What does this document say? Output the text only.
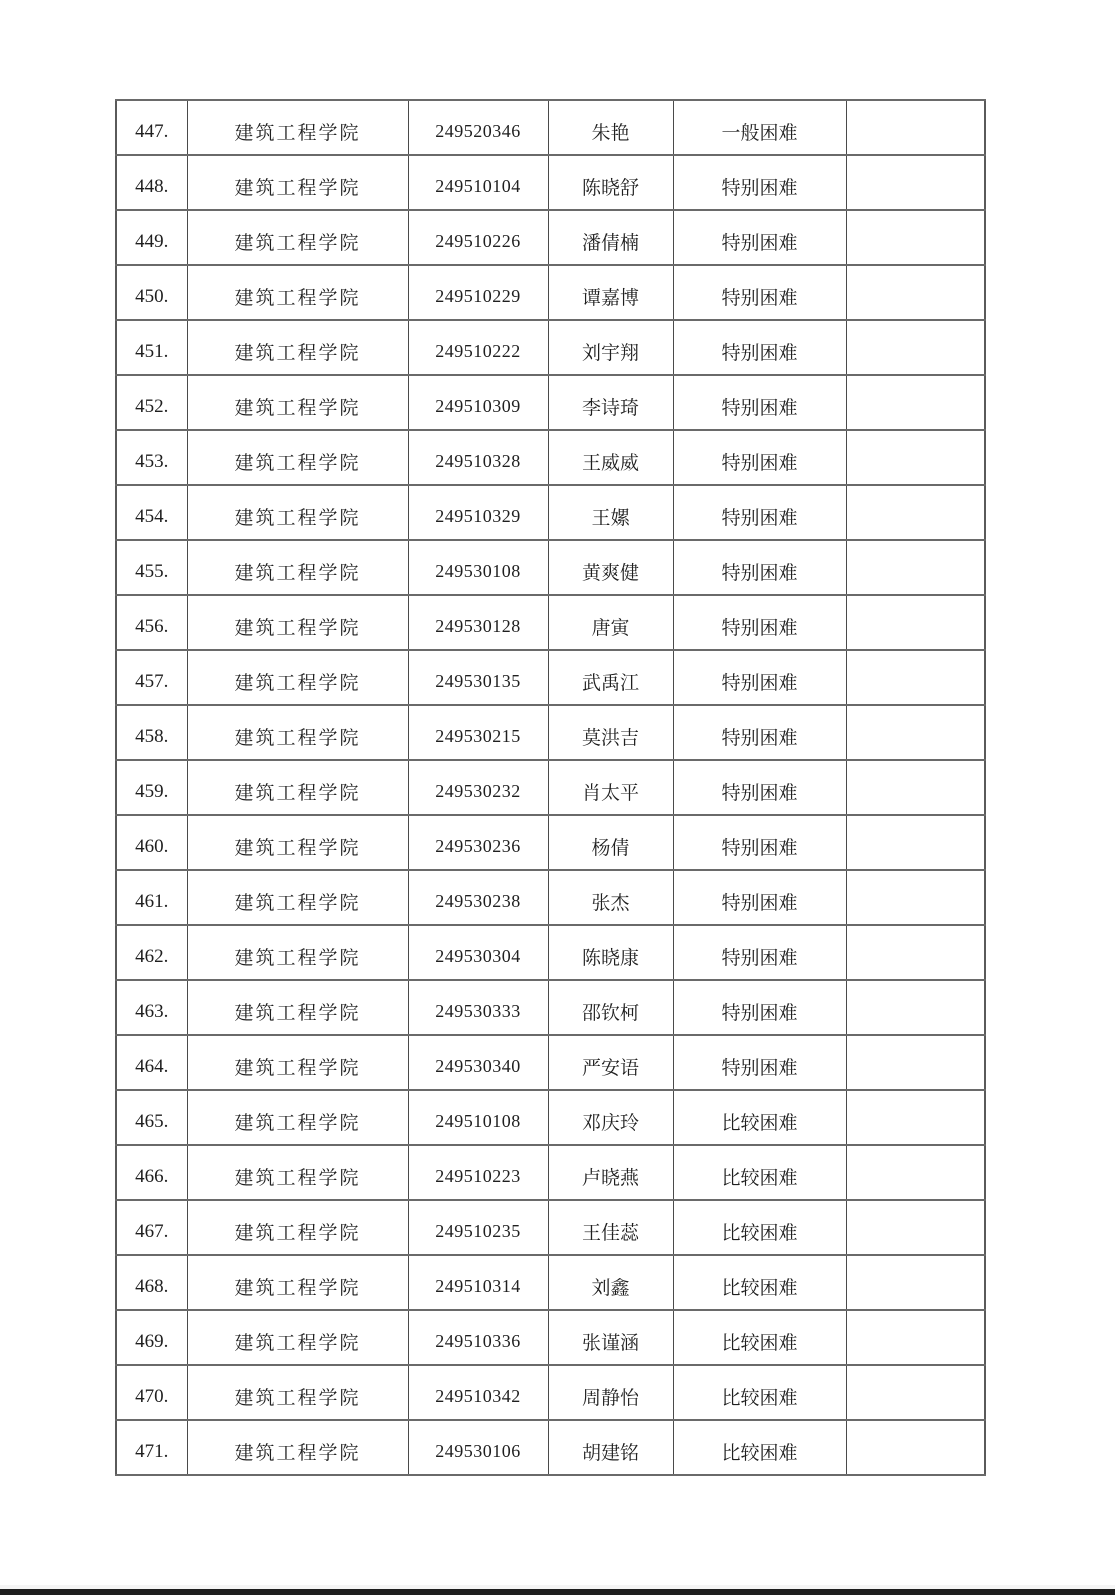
447.	建筑工程学院	249520346	朱艳	一般困难	
448.	建筑工程学院	249510104	陈晓舒	特别困难	
449.	建筑工程学院	249510226	潘倩楠	特别困难	
450.	建筑工程学院	249510229	谭嘉博	特别困难	
451.	建筑工程学院	249510222	刘宇翔	特别困难	
452.	建筑工程学院	249510309	李诗琦	特别困难	
453.	建筑工程学院	249510328	王威威	特别困难	
454.	建筑工程学院	249510329	王嫘	特别困难	
455.	建筑工程学院	249530108	黄爽健	特别困难	
456.	建筑工程学院	249530128	唐寅	特别困难	
457.	建筑工程学院	249530135	武禹江	特别困难	
458.	建筑工程学院	249530215	莫洪吉	特别困难	
459.	建筑工程学院	249530232	肖太平	特别困难	
460.	建筑工程学院	249530236	杨倩	特别困难	
461.	建筑工程学院	249530238	张杰	特别困难	
462.	建筑工程学院	249530304	陈晓康	特别困难	
463.	建筑工程学院	249530333	邵钦柯	特别困难	
464.	建筑工程学院	249530340	严安语	特别困难	
465.	建筑工程学院	249510108	邓庆玲	比较困难	
466.	建筑工程学院	249510223	卢晓燕	比较困难	
467.	建筑工程学院	249510235	王佳蕊	比较困难	
468.	建筑工程学院	249510314	刘鑫	比较困难	
469.	建筑工程学院	249510336	张谨涵	比较困难	
470.	建筑工程学院	249510342	周静怡	比较困难	
471.	建筑工程学院	249530106	胡建铭	比较困难	
